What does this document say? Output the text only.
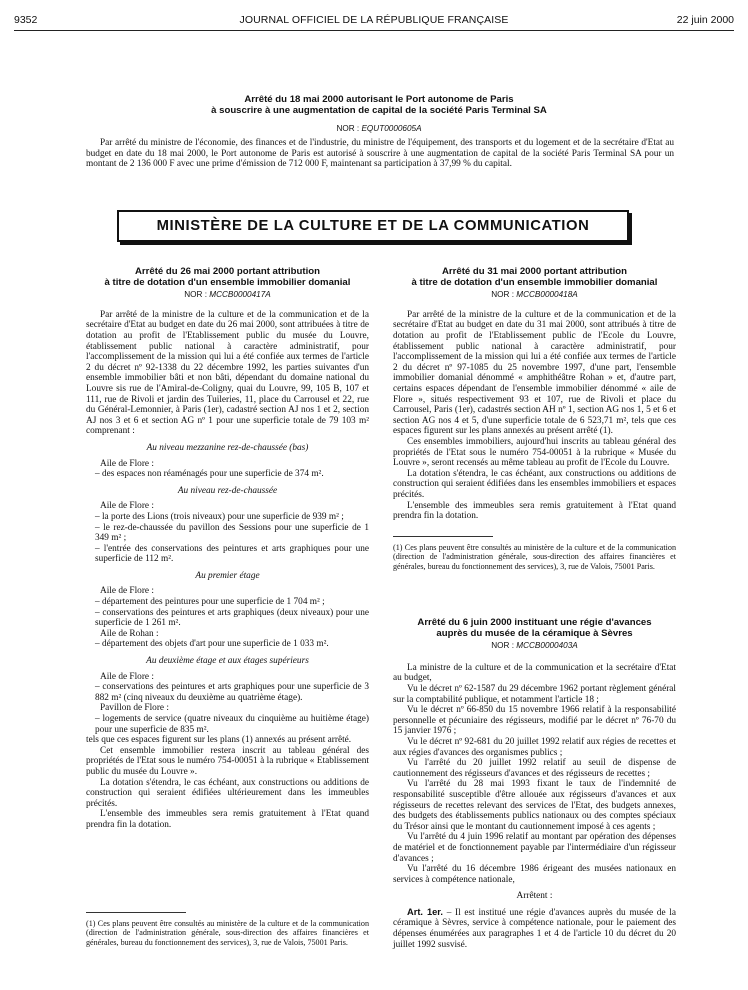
9352	JOURNAL OFFICIEL DE LA RÉPUBLIQUE FRANÇAISE	22 juin 2000
Arrêté du 18 mai 2000 autorisant le Port autonome de Paris
à souscrire à une augmentation de capital de la société Paris Terminal SA
NOR : EQUT0000605A

Par arrêté du ministre de l'économie, des finances et de l'industrie, du ministre de l'équipement, des transports et du logement et de la secrétaire d'Etat au budget en date du 18 mai 2000, le Port autonome de Paris est autorisé à souscrire à une augmentation de capital de la société Paris Terminal SA pour un montant de 2 136 000 F avec une prime d'émission de 712 000 F, maintenant sa participation à 37,99 % du capital.

MINISTÈRE DE LA CULTURE ET DE LA COMMUNICATION
Arrêté du 26 mai 2000 portant attribution
à titre de dotation d'un ensemble immobilier domanial
NOR : MCCB0000417A

Par arrêté de la ministre de la culture et de la communication et de la secrétaire d'Etat au budget en date du 26 mai 2000, sont attribuées à titre de dotation au profit de l'Etablissement public du musée du Louvre, établissement public national à caractère administratif, pour l'accomplissement de la mission qui lui a été confiée aux termes de l'article 2 du décret nº 92-1338 du 22 décembre 1992, les parties suivantes d'un ensemble immobilier bâti et non bâti, dépendant du domaine national du Louvre sis rue de l'Amiral-de-Coligny, quai du Louvre, 99, 105 B, 107 et 111, rue de Rivoli et jardin des Tuileries, 11, place du Carrousel et 22, rue du Général-Lemonnier, à Paris (1er), cadastré section AJ nos 1 et 2, section AJ nos 3 et 6 et section AG nº 1 pour une superficie totale de 79 103 m² comprenant :

Au niveau mezzanine rez-de-chaussée (bas)

Aile de Flore :

– des espaces non réaménagés pour une superficie de 374 m².

Au niveau rez-de-chaussée

Aile de Flore :

– la porte des Lions (trois niveaux) pour une superficie de 939 m² ;

– le rez-de-chaussée du pavillon des Sessions pour une superficie de 1 349 m² ;

– l'entrée des conservations des peintures et arts graphiques pour une superficie de 112 m².

Au premier étage

Aile de Flore :

– département des peintures pour une superficie de 1 704 m² ;

– conservations des peintures et arts graphiques (deux niveaux) pour une superficie de 1 261 m².

Aile de Rohan :

– département des objets d'art pour une superficie de 1 033 m².

Au deuxième étage et aux étages supérieurs

Aile de Flore :

– conservations des peintures et arts graphiques pour une superficie de 3 882 m² (cinq niveaux du deuxième au quatrième étage).

Pavillon de Flore :

– logements de service (quatre niveaux du cinquième au huitième étage) pour une superficie de 835 m².

tels que ces espaces figurent sur les plans (1) annexés au présent arrêté.

Cet ensemble immobilier restera inscrit au tableau général des propriétés de l'Etat sous le numéro 754-00051 à la rubrique « Etablissement public du musée du Louvre ».

La dotation s'étendra, le cas échéant, aux constructions ou additions de construction qui seraient édifiées ultérieurement dans les immeubles précités.

L'ensemble des immeubles sera remis gratuitement à l'Etat quand prendra fin la dotation.

(1) Ces plans peuvent être consultés au ministère de la culture et de la communication (direction de l'administration générale, sous-direction des affaires financières et générales, bureau du fonctionnement des services), 3, rue de Valois, 75001 Paris.
Arrêté du 31 mai 2000 portant attribution
à titre de dotation d'un ensemble immobilier domanial
NOR : MCCB0000418A

Par arrêté de la ministre de la culture et de la communication et de la secrétaire d'Etat au budget en date du 31 mai 2000, sont attribués à titre de dotation au profit de l'Etablissement public de l'Ecole du Louvre, établissement public national à caractère administratif, pour l'accomplissement de la mission qui lui a été confiée aux termes de l'article 2 du décret nº 97-1085 du 25 novembre 1997, d'une part, l'ensemble immobilier domanial dénommé « amphithéâtre Rohan » et, d'autre part, certains espaces dépendant de l'ensemble immobilier dénommé « aile de Flore », situés respectivement 93 et 107, rue de Rivoli et place du Carrousel, Paris (1er), cadastrés section AH nº 1, section AG nos 1, 5 et 6 et section AG nos 4 et 5, d'une superficie totale de 6 523,71 m², tels que ces espaces figurent sur les plans annexés au présent arrêté (1).

Ces ensembles immobiliers, aujourd'hui inscrits au tableau général des propriétés de l'Etat sous le numéro 754-00051 à la rubrique « Musée du Louvre », seront recensés au même tableau au profit de l'Ecole du Louvre.

La dotation s'étendra, le cas échéant, aux constructions ou additions de construction qui seraient édifiées dans les ensembles immobiliers et espaces précités.

L'ensemble des immeubles sera remis gratuitement à l'Etat quand prendra fin la dotation.

(1) Ces plans peuvent être consultés au ministère de la culture et de la communication (direction de l'administration générale, sous-direction des affaires financières et générales, bureau du fonctionnement des services), 3, rue de Valois, 75001 Paris.
Arrêté du 6 juin 2000 instituant une régie d'avances
auprès du musée de la céramique à Sèvres
NOR : MCCB0000403A

La ministre de la culture et de la communication et la secrétaire d'Etat au budget,

Vu le décret nº 62-1587 du 29 décembre 1962 portant règlement général sur la comptabilité publique, et notamment l'article 18 ;

Vu le décret nº 66-850 du 15 novembre 1966 relatif à la responsabilité personnelle et pécuniaire des régisseurs, modifié par le décret nº 76-70 du 15 janvier 1976 ;

Vu le décret nº 92-681 du 20 juillet 1992 relatif aux régies de recettes et aux régies d'avances des organismes publics ;

Vu l'arrêté du 20 juillet 1992 relatif au seuil de dispense de cautionnement des régisseurs d'avances et des régisseurs de recettes ;

Vu l'arrêté du 28 mai 1993 fixant le taux de l'indemnité de responsabilité susceptible d'être allouée aux régisseurs d'avances et aux régisseurs de recettes relevant des services de l'Etat, des budgets annexes, des budgets des établissements publics nationaux ou des comptes spéciaux du Trésor ainsi que le montant du cautionnement imposé à ces agents ;

Vu l'arrêté du 4 juin 1996 relatif au montant par opération des dépenses de matériel et de fonctionnement payable par l'intermédiaire d'un régisseur d'avances ;

Vu l'arrêté du 16 décembre 1986 érigeant des musées nationaux en services à compétence nationale,

Arrêtent :

Art. 1er. – Il est institué une régie d'avances auprès du musée de la céramique à Sèvres, service à compétence nationale, pour le paiement des dépenses énumérées aux paragraphes 1 et 4 de l'article 10 du décret du 20 juillet 1992 susvisé.
